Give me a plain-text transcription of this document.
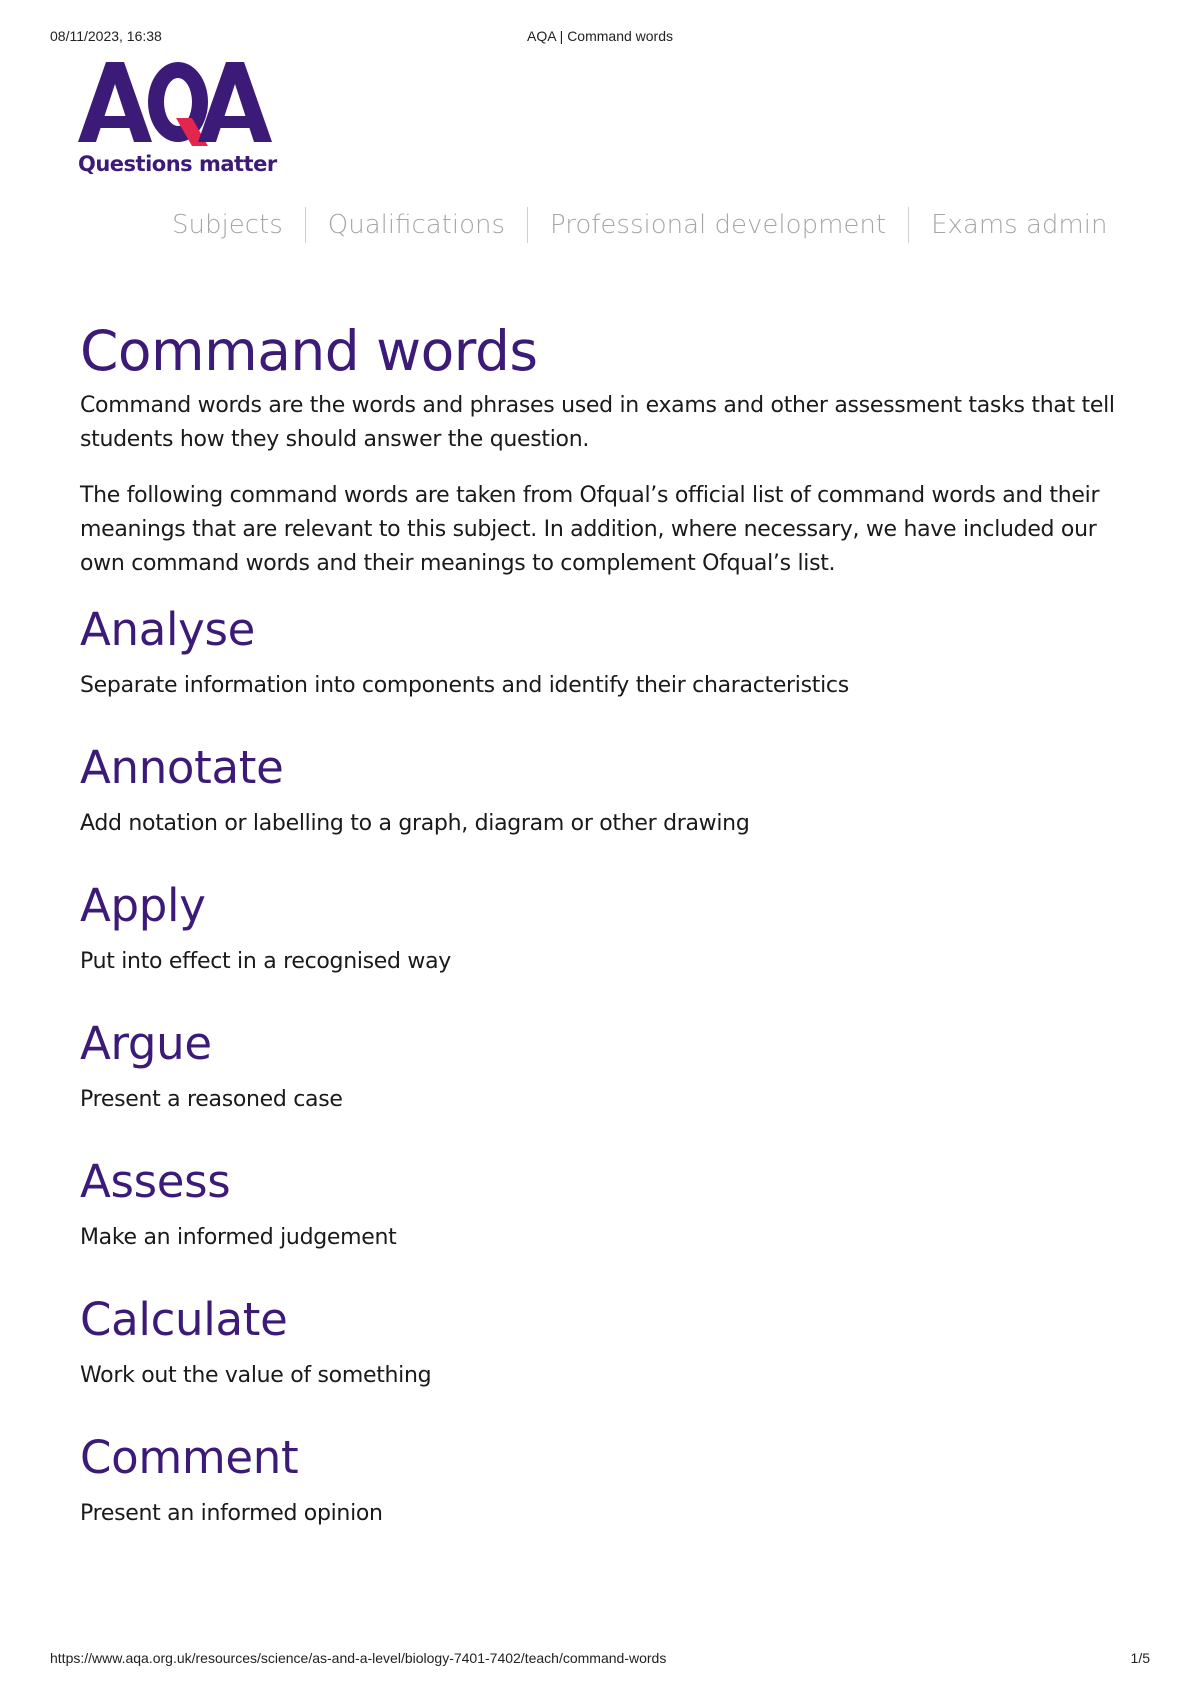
08/11/2023, 16:38	AQA | Command words
Questions matter
Subjects	Qualifications	Professional development	Exams admin
Command words

Command words are the words and phrases used in exams and other assessment tasks that tell students how they should answer the question.

The following command words are taken from Ofqual’s official list of command words and their meanings that are relevant to this subject. In addition, where necessary, we have included our own command words and their meanings to complement Ofqual’s list.

Analyse

Separate information into components and identify their characteristics

Annotate

Add notation or labelling to a graph, diagram or other drawing

Apply

Put into effect in a recognised way

Argue

Present a reasoned case

Assess

Make an informed judgement

Calculate

Work out the value of something

Comment

Present an informed opinion

https://www.aqa.org.uk/resources/science/as-and-a-level/biology-7401-7402/teach/command-words	1/5
